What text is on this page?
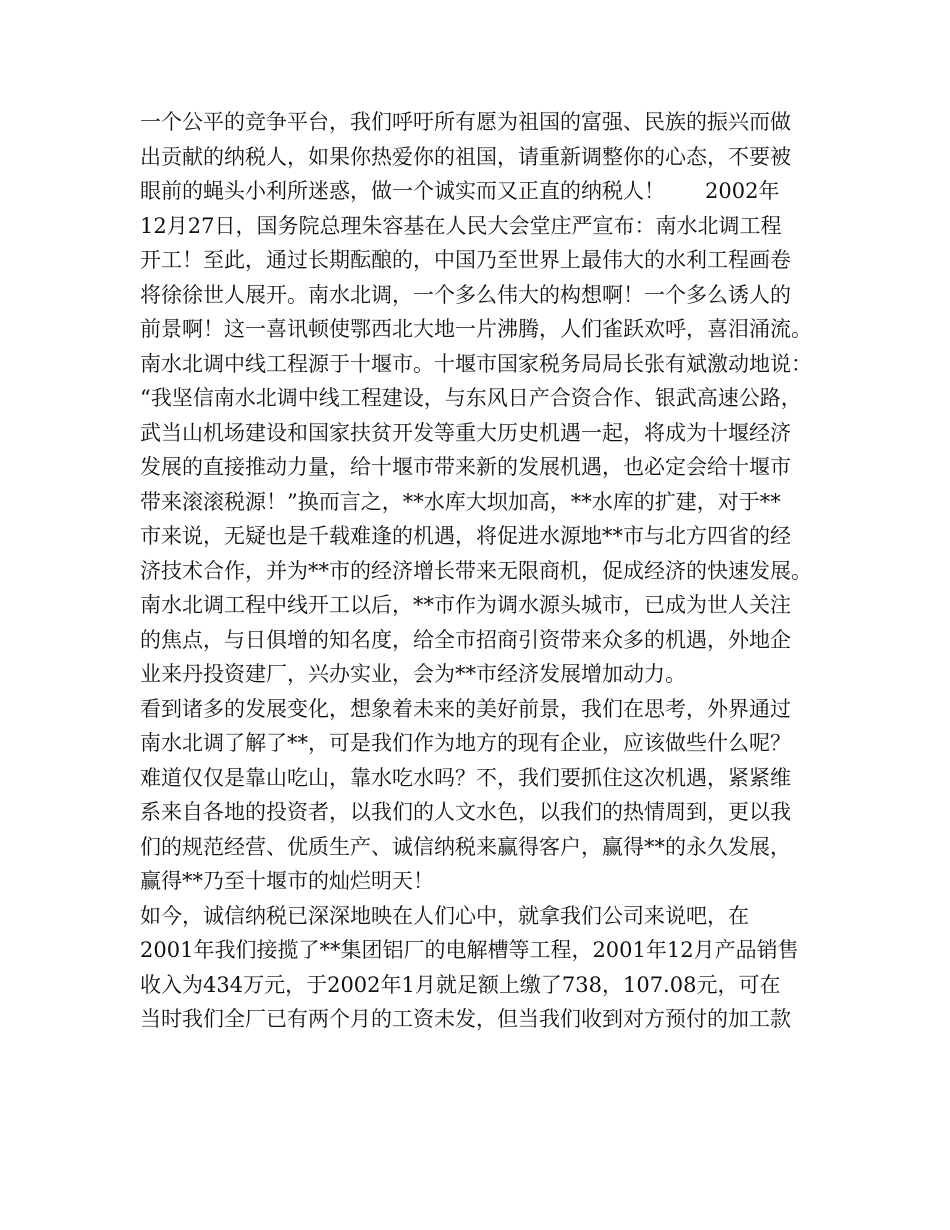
一个公平的竞争平台，我们呼吁所有愿为祖国的富强、民族的振兴而做
出贡献的纳税人，如果你热爱你的祖国，请重新调整你的心态，不要被
眼前的蝇头小利所迷惑，做一个诚实而又正直的纳税人！      2002年
12月27日，国务院总理朱容基在人民大会堂庄严宣布：南水北调工程
开工！至此，通过长期酝酿的，中国乃至世界上最伟大的水利工程画卷
将徐徐世人展开。南水北调，一个多么伟大的构想啊！一个多么诱人的
前景啊！这一喜讯顿使鄂西北大地一片沸腾，人们雀跃欢呼，喜泪涌流。
南水北调中线工程源于十堰市。十堰市国家税务局局长张有斌激动地说：
“我坚信南水北调中线工程建设，与东风日产合资合作、银武高速公路，
武当山机场建设和国家扶贫开发等重大历史机遇一起，将成为十堰经济
发展的直接推动力量，给十堰市带来新的发展机遇，也必定会给十堰市
带来滚滚税源！”换而言之，**水库大坝加高，**水库的扩建，对于**
市来说，无疑也是千载难逢的机遇，将促进水源地**市与北方四省的经
济技术合作，并为**市的经济增长带来无限商机，促成经济的快速发展。
南水北调工程中线开工以后，**市作为调水源头城市，已成为世人关注
的焦点，与日俱增的知名度，给全市招商引资带来众多的机遇，外地企
业来丹投资建厂，兴办实业，会为**市经济发展增加动力。
看到诸多的发展变化，想象着未来的美好前景，我们在思考，外界通过
南水北调了解了**，可是我们作为地方的现有企业，应该做些什么呢？
难道仅仅是靠山吃山，靠水吃水吗？不，我们要抓住这次机遇，紧紧维
系来自各地的投资者，以我们的人文水色，以我们的热情周到，更以我
们的规范经营、优质生产、诚信纳税来赢得客户，赢得**的永久发展，
赢得**乃至十堰市的灿烂明天！
如今，诚信纳税已深深地映在人们心中，就拿我们公司来说吧，在
2001年我们接揽了**集团铝厂的电解槽等工程，2001年12月产品销售
收入为434万元，于2002年1月就足额上缴了738，107.08元，可在
当时我们全厂已有两个月的工资未发，但当我们收到对方预付的加工款
